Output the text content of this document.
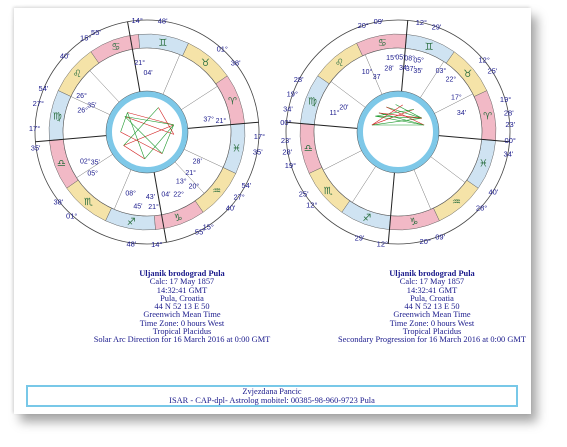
♈
♉
♊
♋
♌
♍
♎
♏
♐	♑
♒
♓
14° 48'
15°
55'
01°
38'
40'
54'
27°
17°
35'
17°
35'
54'
27°
40'
01°
38'
15°
55'
14°
48'
21°
04'
26°
26°
35'
02°
05°
35'
37° 21°
28'
21°
13°
45'
43'
21°
04' 22°
20°
08°
♈
♉
♊
♋
♌
♍
♎
♏
♐	♑
♒
♓
12° 29'
20° 09'
12°
25'
19°
28'
00°
23'
34'
40'
28°
12°
29'	20°
09'
12°
25'
19°
28'
00°
34'
23'
19°
28'
15°
05°
08°
05°
28' 34'
37'
35' 03°
22°
10°
37
11°
20'
34'
17°
Uljanik brodograd Pula
Calc: 17 May 1857
14:32:41 GMT
Pula, Croatia
44 N 52 13 E 50
Greenwich Mean Time
Time Zone: 0 hours West
Tropical Placidus
Solar Arc Direction for 16 March 2016 at 0:00 GMT
Uljanik brodograd Pula
Calc: 17 May 1857
14:32:41 GMT
Pula, Croatia
44 N 52 13 E 50
Greenwich Mean Time
Time Zone: 0 hours West
Tropical Placidus
Secondary Progression for 16 March 2016 at 0:00 GMT
Zvjezdana Pancic
ISAR - CAP-dpl- Astrolog mobitel: 00385-98-960-9723 Pula
